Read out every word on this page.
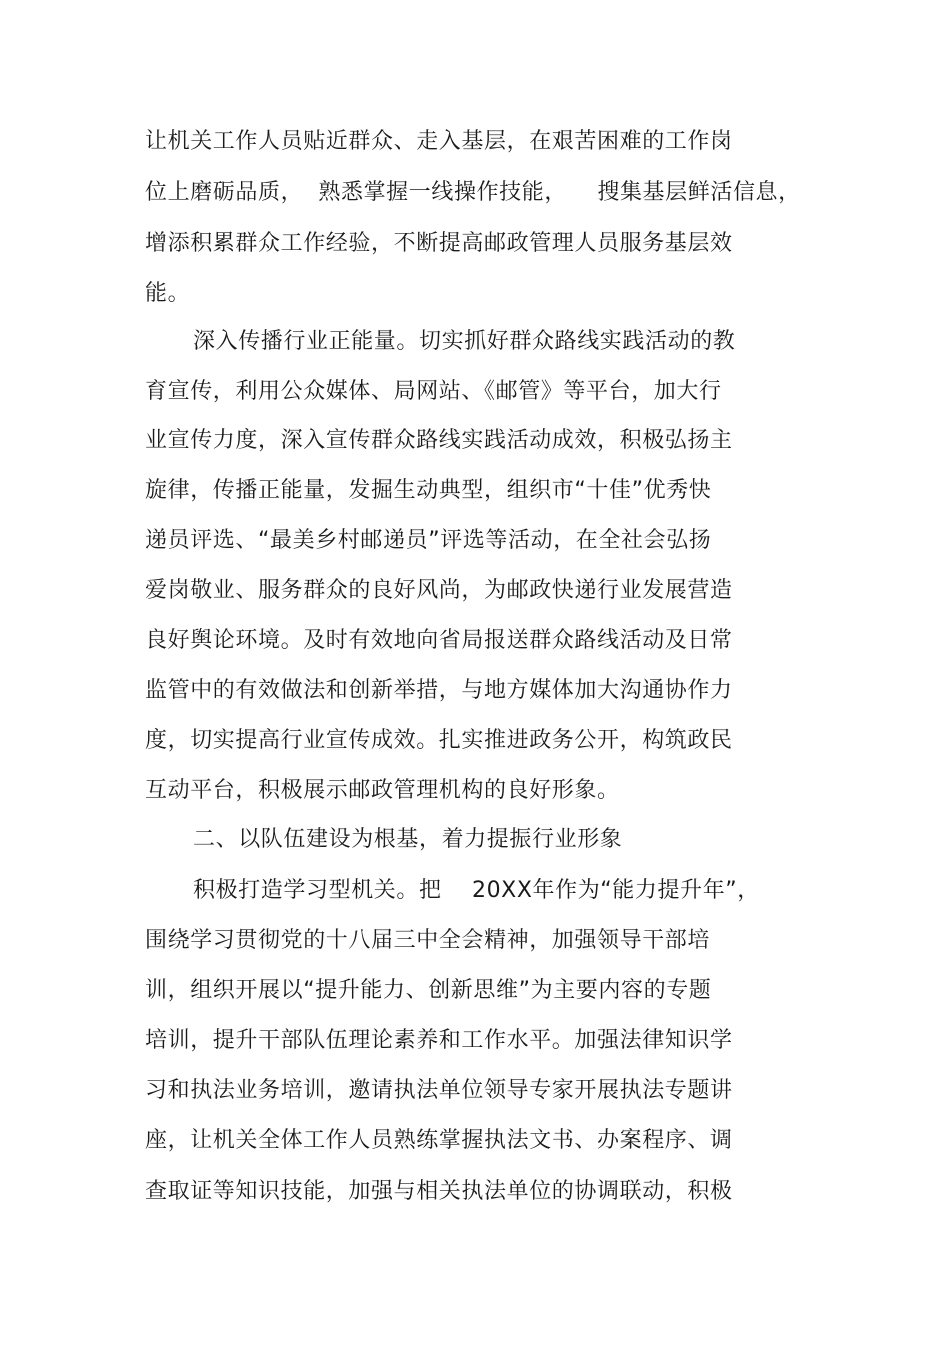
让机关工作人员贴近群众、走入基层，在艰苦困难的工作岗
位上磨砺品质，  熟悉掌握一线操作技能，    搜集基层鲜活信息，
增添积累群众工作经验，不断提高邮政管理人员服务基层效
能。
深入传播行业正能量。切实抓好群众路线实践活动的教
育宣传，利用公众媒体、局网站、《邮管》等平台，加大行
业宣传力度，深入宣传群众路线实践活动成效，积极弘扬主
旋律，传播正能量，发掘生动典型，组织市“十佳”优秀快
递员评选、“最美乡村邮递员”评选等活动，在全社会弘扬
爱岗敬业、服务群众的良好风尚，为邮政快递行业发展营造
良好舆论环境。及时有效地向省局报送群众路线活动及日常
监管中的有效做法和创新举措，与地方媒体加大沟通协作力
度，切实提高行业宣传成效。扎实推进政务公开，构筑政民
互动平台，积极展示邮政管理机构的良好形象。
二、以队伍建设为根基，着力提振行业形象
积极打造学习型机关。把    20XX年作为“能力提升年”，
围绕学习贯彻党的十八届三中全会精神，加强领导干部培
训，组织开展以“提升能力、创新思维”为主要内容的专题
培训，提升干部队伍理论素养和工作水平。加强法律知识学
习和执法业务培训，邀请执法单位领导专家开展执法专题讲
座，让机关全体工作人员熟练掌握执法文书、办案程序、调
查取证等知识技能，加强与相关执法单位的协调联动，积极
